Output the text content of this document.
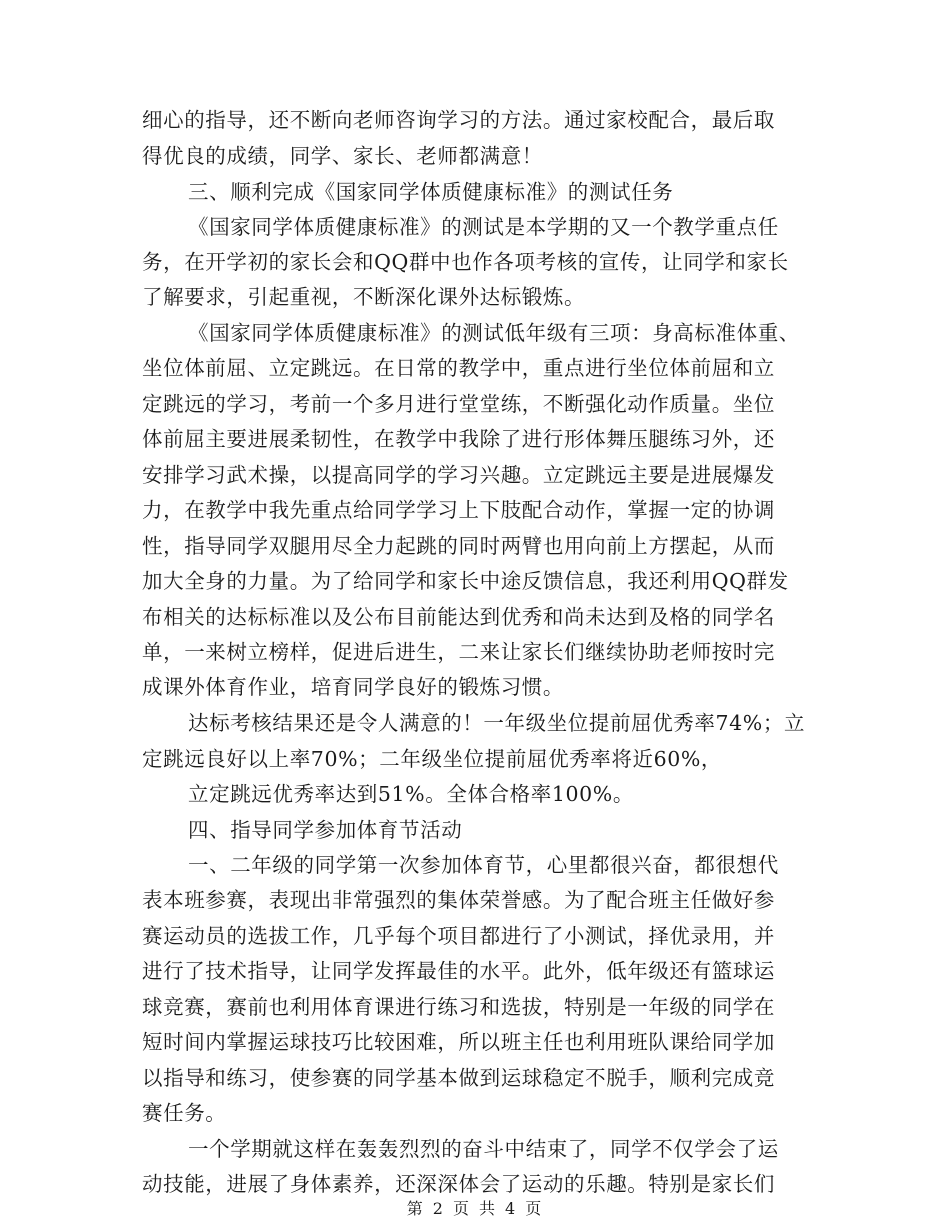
细心的指导，还不断向老师咨询学习的方法。通过家校配合，最后取
得优良的成绩，同学、家长、老师都满意！
三、顺利完成《国家同学体质健康标准》的测试任务
《国家同学体质健康标准》的测试是本学期的又一个教学重点任
务，在开学初的家长会和QQ群中也作各项考核的宣传，让同学和家长
了解要求，引起重视，不断深化课外达标锻炼。
《国家同学体质健康标准》的测试低年级有三项：身高标准体重、
坐位体前屈、立定跳远。在日常的教学中，重点进行坐位体前屈和立
定跳远的学习，考前一个多月进行堂堂练，不断强化动作质量。坐位
体前屈主要进展柔韧性，在教学中我除了进行形体舞压腿练习外，还
安排学习武术操，以提高同学的学习兴趣。立定跳远主要是进展爆发
力，在教学中我先重点给同学学习上下肢配合动作，掌握一定的协调
性，指导同学双腿用尽全力起跳的同时两臂也用向前上方摆起，从而
加大全身的力量。为了给同学和家长中途反馈信息，我还利用QQ群发
布相关的达标标准以及公布目前能达到优秀和尚未达到及格的同学名
单，一来树立榜样，促进后进生，二来让家长们继续协助老师按时完
成课外体育作业，培育同学良好的锻炼习惯。
达标考核结果还是令人满意的！一年级坐位提前屈优秀率74%；立
定跳远良好以上率70%；二年级坐位提前屈优秀率将近60%，
立定跳远优秀率达到51%。全体合格率100%。
四、指导同学参加体育节活动
一、二年级的同学第一次参加体育节，心里都很兴奋，都很想代
表本班参赛，表现出非常强烈的集体荣誉感。为了配合班主任做好参
赛运动员的选拔工作，几乎每个项目都进行了小测试，择优录用，并
进行了技术指导，让同学发挥最佳的水平。此外，低年级还有篮球运
球竞赛，赛前也利用体育课进行练习和选拔，特别是一年级的同学在
短时间内掌握运球技巧比较困难，所以班主任也利用班队课给同学加
以指导和练习，使参赛的同学基本做到运球稳定不脱手，顺利完成竞
赛任务。
一个学期就这样在轰轰烈烈的奋斗中结束了，同学不仅学会了运
动技能，进展了身体素养，还深深体会了运动的乐趣。特别是家长们
第 2 页 共 4 页
